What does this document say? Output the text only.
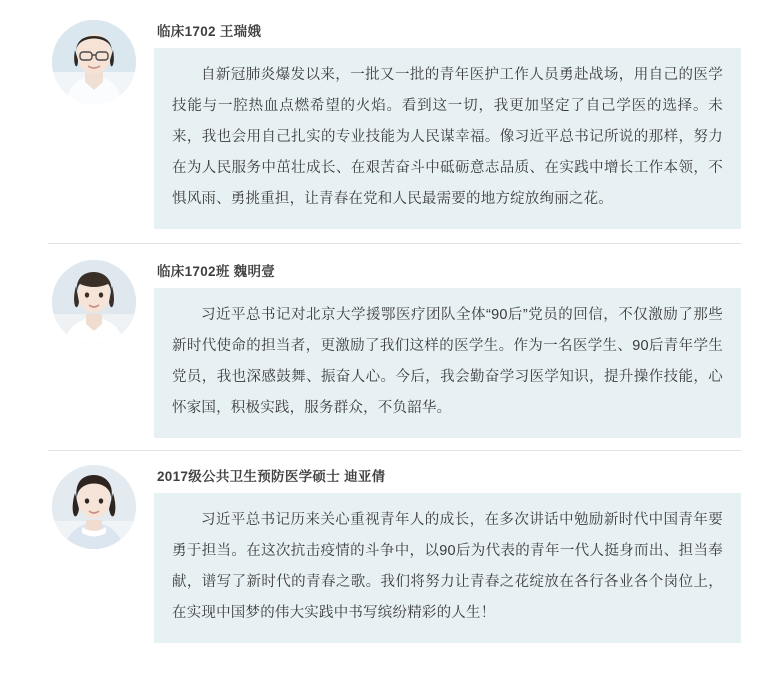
临床1702 王瑞娥

自新冠肺炎爆发以来，一批又一批的青年医护工作人员勇赴战场，用自己的医学技能与一腔热血点燃希望的火焰。看到这一切，我更加坚定了自己学医的选择。未来，我也会用自己扎实的专业技能为人民谋幸福。像习近平总书记所说的那样，努力在为人民服务中茁壮成长、在艰苦奋斗中砥砺意志品质、在实践中增长工作本领，不惧风雨、勇挑重担，让青春在党和人民最需要的地方绽放绚丽之花。

临床1702班 魏明壹

习近平总书记对北京大学援鄂医疗团队全体“90后”党员的回信，不仅激励了那些新时代使命的担当者，更激励了我们这样的医学生。作为一名医学生、90后青年学生党员，我也深感鼓舞、振奋人心。今后，我会勤奋学习医学知识，提升操作技能，心怀家国，积极实践，服务群众，不负韶华。

2017级公共卫生预防医学硕士 迪亚倩

习近平总书记历来关心重视青年人的成长，在多次讲话中勉励新时代中国青年要勇于担当。在这次抗击疫情的斗争中，以90后为代表的青年一代人挺身而出、担当奉献，谱写了新时代的青春之歌。我们将努力让青春之花绽放在各行各业各个岗位上，在实现中国梦的伟大实践中书写缤纷精彩的人生！
